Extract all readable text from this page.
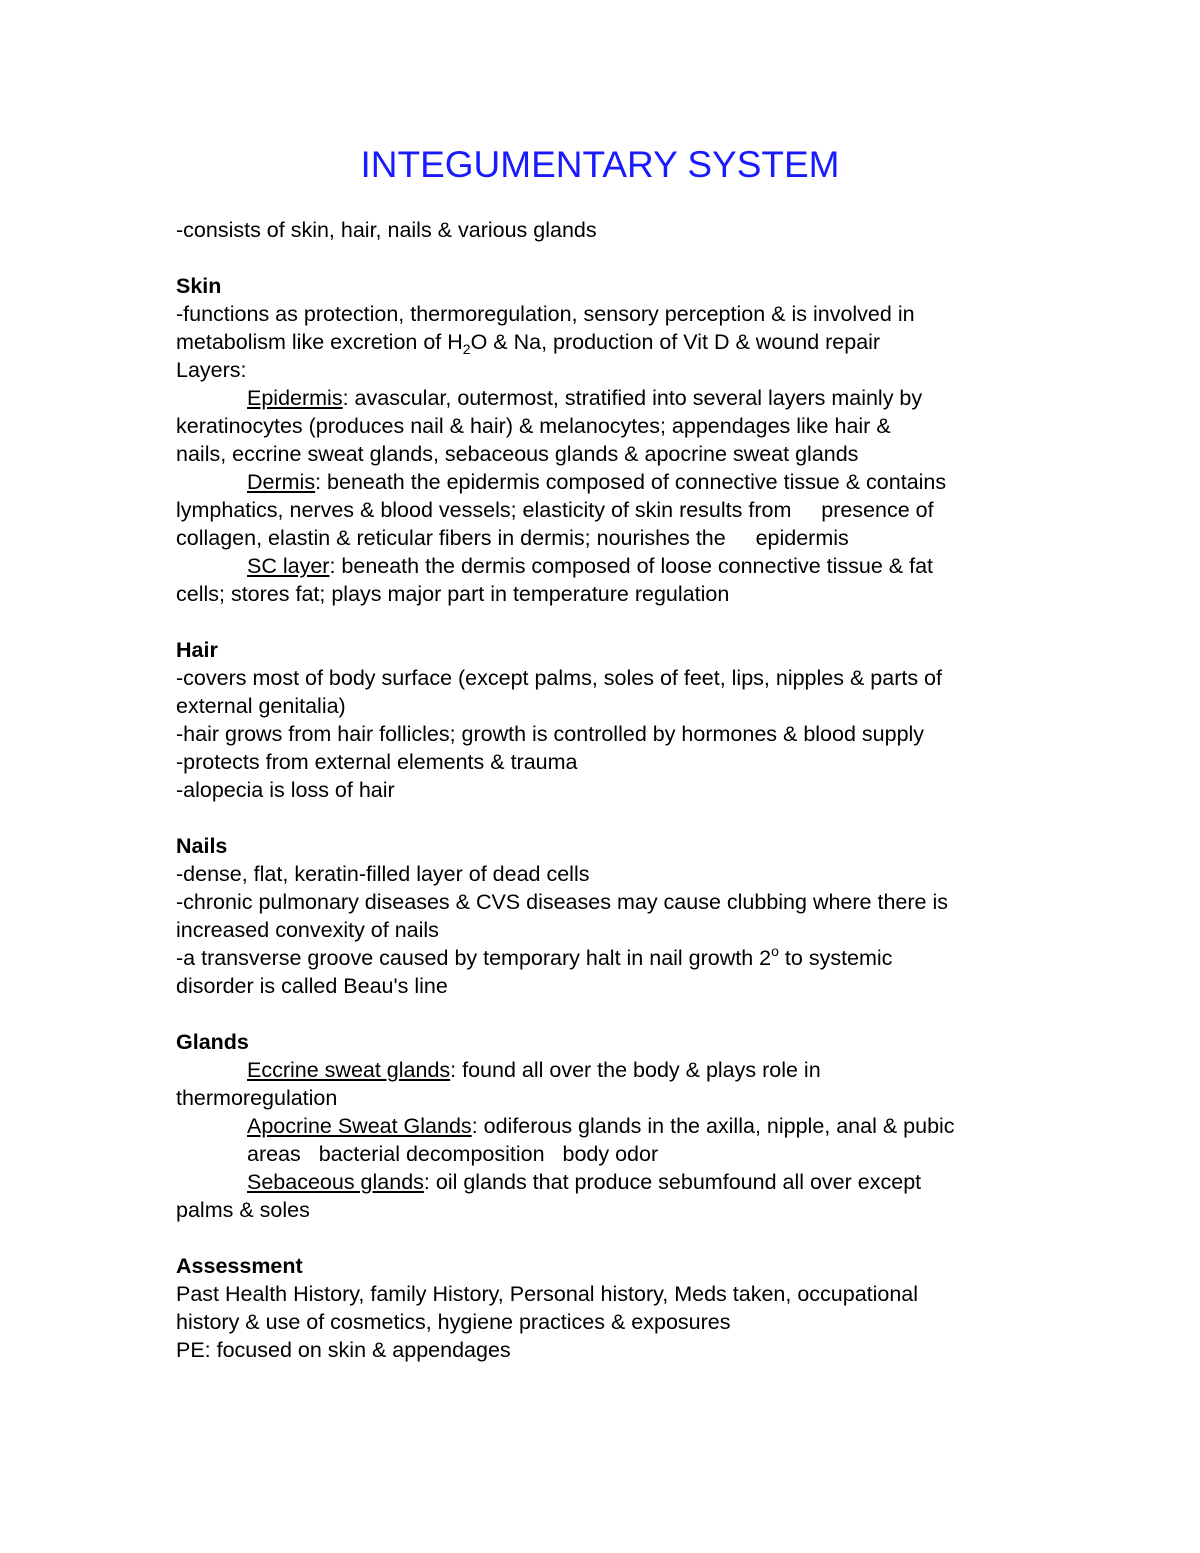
INTEGUMENTARY SYSTEM
-consists of skin, hair, nails & various glands
Skin
-functions as protection, thermoregulation, sensory perception & is involved in
metabolism like excretion of $H_2O$ & Na, production of Vit D & wound repair
Layers:
Epidermis: avascular, outermost, stratified into several layers mainly by
keratinocytes (produces nail & hair) & melanocytes; appendages like hair &
nails, eccrine sweat glands, sebaceous glands & apocrine sweat glands
Dermis: beneath the epidermis composed of connective tissue & contains
lymphatics, nerves & blood vessels; elasticity of skin results from     presence of
collagen, elastin & reticular fibers in dermis; nourishes the     epidermis
SC layer: beneath the dermis composed of loose connective tissue & fat
cells; stores fat; plays major part in temperature regulation
Hair
-covers most of body surface (except palms, soles of feet, lips, nipples & parts of
external genitalia)
-hair grows from hair follicles; growth is controlled by hormones & blood supply
-protects from external elements & trauma
-alopecia is loss of hair
Nails
-dense, flat, keratin-filled layer of dead cells
-chronic pulmonary diseases & CVS diseases may cause clubbing where there is
increased convexity of nails
-a transverse groove caused by temporary halt in nail growth 2$^o$ to systemic
disorder is called Beau's line
Glands
Eccrine sweat glands: found all over the body & plays role in
thermoregulation
Apocrine Sweat Glands: odiferous glands in the axilla, nipple, anal & pubic
areas   bacterial decomposition   body odor
Sebaceous glands: oil glands that produce sebumfound all over except
palms & soles
Assessment
Past Health History, family History, Personal history, Meds taken, occupational
history & use of cosmetics, hygiene practices & exposures
PE: focused on skin & appendages
